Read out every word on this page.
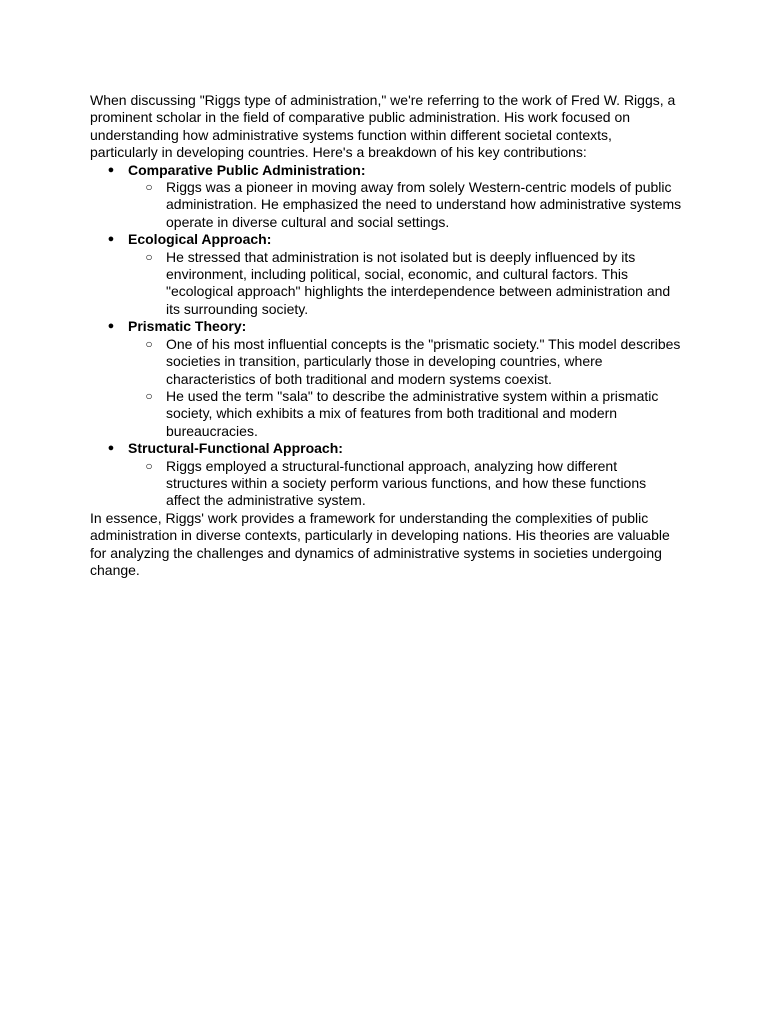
When discussing "Riggs type of administration," we're referring to the work of Fred W. Riggs, a prominent scholar in the field of comparative public administration. His work focused on understanding how administrative systems function within different societal contexts, particularly in developing countries. Here's a breakdown of his key contributions:

● Comparative Public Administration:
○ Riggs was a pioneer in moving away from solely Western-centric models of public administration. He emphasized the need to understand how administrative systems operate in diverse cultural and social settings.
● Ecological Approach:
○ He stressed that administration is not isolated but is deeply influenced by its environment, including political, social, economic, and cultural factors. This "ecological approach" highlights the interdependence between administration and its surrounding society.
● Prismatic Theory:
○ One of his most influential concepts is the "prismatic society." This model describes societies in transition, particularly those in developing countries, where characteristics of both traditional and modern systems coexist.
○ He used the term "sala" to describe the administrative system within a prismatic society, which exhibits a mix of features from both traditional and modern bureaucracies.
● Structural-Functional Approach:
○ Riggs employed a structural-functional approach, analyzing how different structures within a society perform various functions, and how these functions affect the administrative system.

In essence, Riggs' work provides a framework for understanding the complexities of public administration in diverse contexts, particularly in developing nations. His theories are valuable for analyzing the challenges and dynamics of administrative systems in societies undergoing change.
